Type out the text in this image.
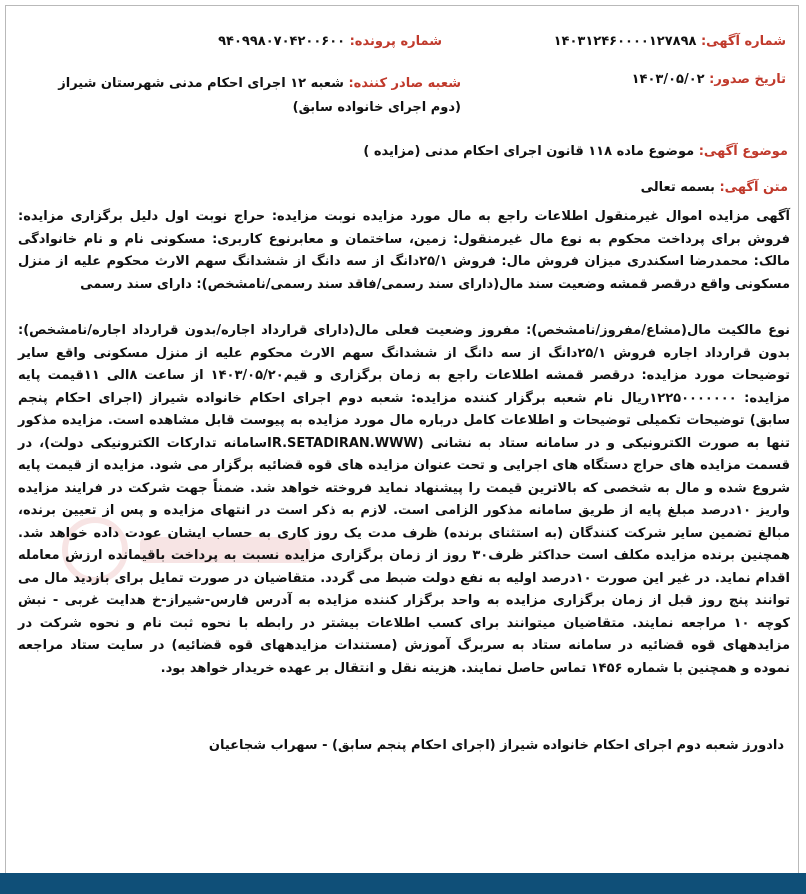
شماره آگهی: ۱۴۰۳۱۲۴۶۰۰۰۰۱۲۷۸۹۸
شماره پرونده: ۹۴۰۹۹۸۰۷۰۴۲۰۰۶۰۰
شعبه صادر کننده: شعبه ۱۲ اجرای احکام مدنی شهرستان شیراز (دوم اجرای خانواده سابق)
تاریخ صدور: ۱۴۰۳/۰۵/۰۲
موضوع آگهی: موضوع ماده ۱۱۸ قانون اجرای احکام مدنی (مزایده )
متن آگهی: بسمه تعالی

آگهی مزایده اموال غیرمنقول اطلاعات راجع به مال مورد مزایده نوبت مزایده: حراج نوبت اول دلیل برگزاری مزایده: فروش برای پرداخت محکوم به نوع مال غیرمنقول: زمین، ساختمان و معابرنوع کاربری: مسکونی نام و نام خانوادگی مالک: محمدرضا اسکندری میزان فروش مال: فروش ۲۵/۱دانگ از سه دانگ از ششدانگ سهم الارث محکوم علیه از منزل مسکونی واقع درقصر قمشه وضعیت سند مال(دارای سند رسمی/فاقد سند رسمی/نامشخص): دارای سند رسمی

نوع مالکیت مال(مشاع/مفروز/نامشخص): مفروز وضعیت فعلی مال(دارای قرارداد اجاره/بدون قرارداد اجاره/نامشخص): بدون قرارداد اجاره فروش ۲۵/۱دانگ از سه دانگ از ششدانگ سهم الارث محکوم علیه از منزل مسکونی واقع سایر توضیحات مورد مزایده: درقصر قمشه اطلاعات راجع به زمان برگزاری و قیم۱۴۰۳/۰۵/۲۰ از ساعت ۸الی ۱۱قیمت پایه مزایده: ۱۲۲۵۰۰۰۰۰۰۰ریال نام شعبه برگزار کننده مزایده: شعبه دوم اجرای احکام خانواده شیراز (اجرای احکام پنجم سابق) توضیحات تکمیلی توضیحات و اطلاعات کامل درباره مال مورد مزایده به پیوست قابل مشاهده است. مزایده مذکور تنها به صورت الکترونیکی و در سامانه ستاد به نشانی (IR.SETADIRAN.WWWسامانه تدارکات الکترونیکی دولت)، در قسمت مزایده های حراج دستگاه های اجرایی و تحت عنوان مزایده های قوه قضائیه برگزار می شود. مزایده از قیمت پایه شروع شده و مال به شخصی که بالاترین قیمت را پیشنهاد نماید فروخته خواهد شد. ضمناً جهت شرکت در فرایند مزایده واریز ۱۰درصد مبلغ پایه از طریق سامانه مذکور الزامی است. لازم به ذکر است در انتهای مزایده و پس از تعیین برنده، مبالغ تضمین سایر شرکت کنندگان (به استثنای برنده) ظرف مدت یک روز کاری به حساب ایشان عودت داده خواهد شد. همچنین برنده مزایده مکلف است حداکثر ظرف۳۰ روز از زمان برگزاری مزایده نسبت به پرداخت باقیمانده ارزش معامله اقدام نماید. در غیر این صورت ۱۰درصد اولیه به نفع دولت ضبط می گردد. متقاضیان در صورت تمایل برای بازدید مال می توانند پنج روز قبل از زمان برگزاری مزایده به واحد برگزار کننده مزایده به آدرس فارس-شیراز-خ هدایت غربی - نبش کوچه ۱۰ مراجعه نمایند. متقاضیان میتوانند برای کسب اطلاعات بیشتر در رابطه با نحوه ثبت نام و نحوه شرکت در مزایدههای قوه قضائیه در سامانه ستاد به سربرگ آموزش (مستندات مزایدههای قوه قضائیه) در سایت ستاد مراجعه نموده و همچنین با شماره ۱۴۵۶ تماس حاصل نمایند. هزینه نقل و انتقال بر عهده خریدار خواهد بود.

دادورز شعبه دوم اجرای احکام خانواده شیراز (اجرای احکام پنجم سابق) - سهراب شجاعیان
